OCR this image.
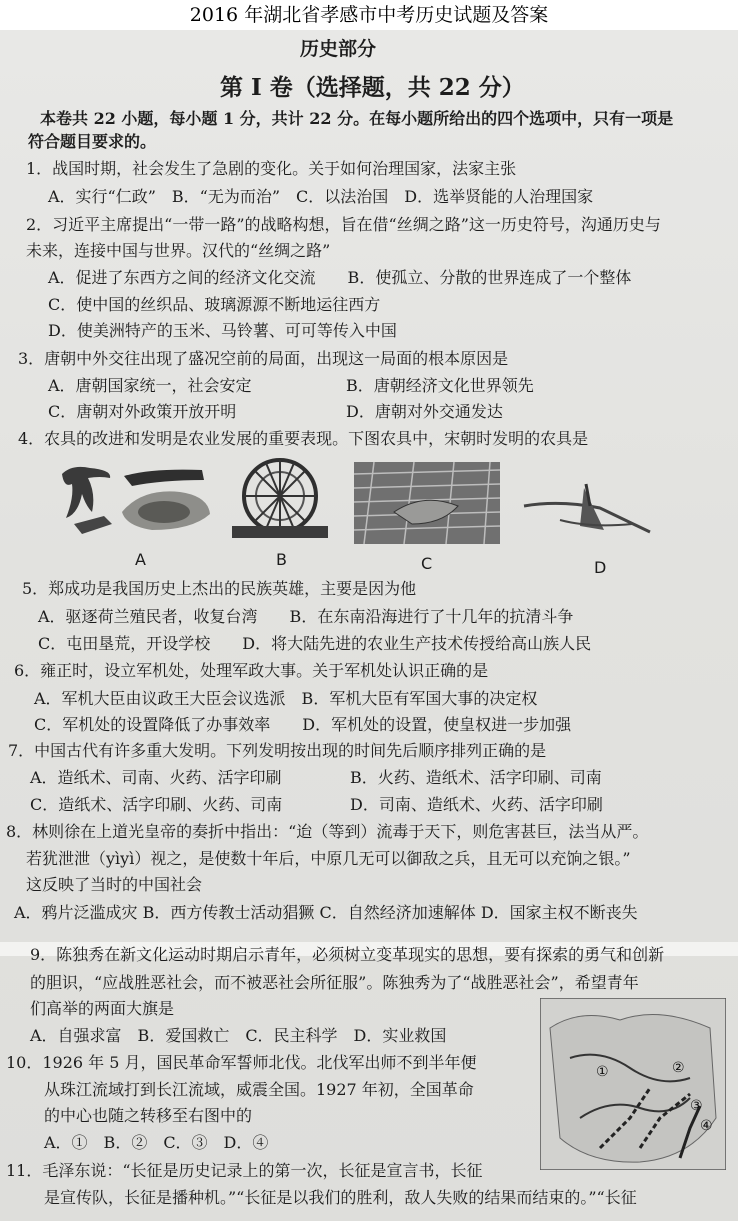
2016 年湖北省孝感市中考历史试题及答案
历史部分
第 I 卷（选择题，共 22 分）
本卷共 22 小题，每小题 1 分，共计 22 分。在每小题所给出的四个选项中，只有一项是
符合题目要求的。
1．战国时期，社会发生了急剧的变化。关于如何治理国家，法家主张
A．实行“仁政”　B．“无为而治”　C．以法治国　D．选举贤能的人治理国家
2．习近平主席提出“一带一路”的战略构想，旨在借“丝绸之路”这一历史符号，沟通历史与
未来，连接中国与世界。汉代的“丝绸之路”
A．促进了东西方之间的经济文化交流　　B．使孤立、分散的世界连成了一个整体
C．使中国的丝织品、玻璃源源不断地运往西方
D．使美洲特产的玉米、马铃薯、可可等传入中国
3．唐朝中外交往出现了盛况空前的局面，出现这一局面的根本原因是
A．唐朝国家统一，社会安定	B．唐朝经济文化世界领先
C．唐朝对外政策开放开明	D．唐朝对外交通发达
4．农具的改进和发明是农业发展的重要表现。下图农具中，宋朝时发明的农具是
A	B	C	D
5．郑成功是我国历史上杰出的民族英雄，主要是因为他
A．驱逐荷兰殖民者，收复台湾　　B．在东南沿海进行了十几年的抗清斗争
C．屯田垦荒，开设学校　　D．将大陆先进的农业生产技术传授给高山族人民
6．雍正时，设立军机处，处理军政大事。关于军机处认识正确的是
A．军机大臣由议政王大臣会议选派　B．军机大臣有军国大事的决定权
C．军机处的设置降低了办事效率　　D．军机处的设置，使皇权进一步加强
7．中国古代有许多重大发明。下列发明按出现的时间先后顺序排列正确的是
A．造纸术、司南、火药、活字印刷	B．火药、造纸术、活字印刷、司南
C．造纸术、活字印刷、火药、司南	D．司南、造纸术、火药、活字印刷
8．林则徐在上道光皇帝的奏折中指出：“迨（等到）流毒于天下，则危害甚巨，法当从严。
若犹泄泄（yìyì）视之，是使数十年后，中原几无可以御敌之兵，且无可以充饷之银。”
这反映了当时的中国社会
A．鸦片泛滥成灾 B．西方传教士活动猖獗 C．自然经济加速解体 D．国家主权不断丧失
9．陈独秀在新文化运动时期启示青年，必须树立变革现实的思想，要有探索的勇气和创新
的胆识，“应战胜恶社会，而不被恶社会所征服”。陈独秀为了“战胜恶社会”，希望青年
们高举的两面大旗是
A．自强求富　B．爱国救亡　C．民主科学　D．实业救国
10．1926 年 5 月，国民革命军誓师北伐。北伐军出师不到半年便
从珠江流域打到长江流域，威震全国。1927 年初，全国革命
的中心也随之转移至右图中的
A．①　B．②　C．③　D．④
11．毛泽东说：“长征是历史记录上的第一次，长征是宣言书，长征
是宣传队，长征是播种机。”“长征是以我们的胜利，敌人失败的结果而结束的。”“长征
①	②
③
④
